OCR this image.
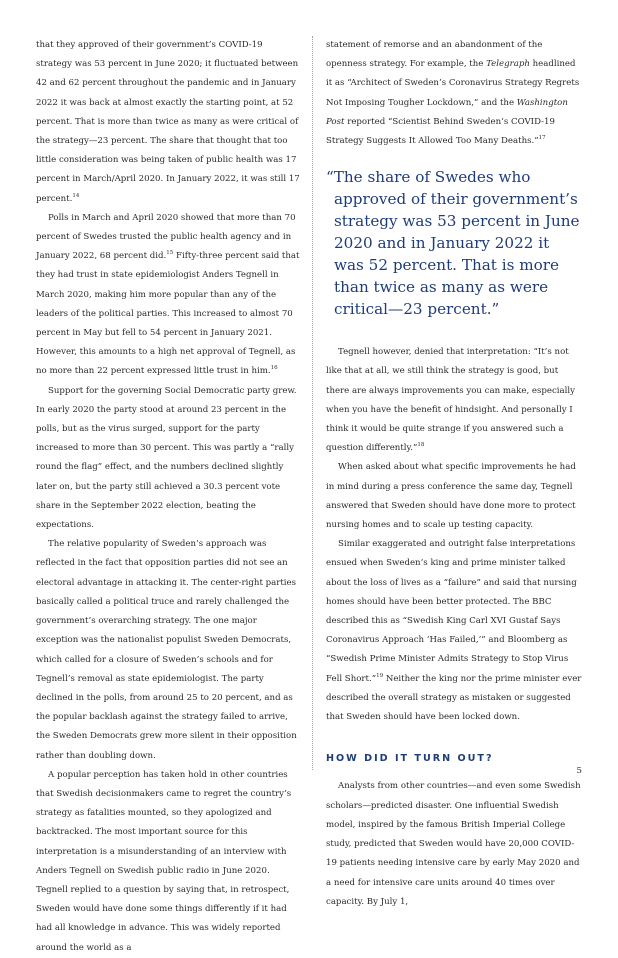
that they approved of their government’s COVID-19 strategy was 53 percent in June 2020; it fluctuated between 42 and 62 percent throughout the pandemic and in January 2022 it was back at almost exactly the starting point, at 52 percent. That is more than twice as many as were critical of the strategy—23 percent. The share that thought that too little consideration was being taken of public health was 17 percent in March/April 2020. In January 2022, it was still 17 percent.$^{14}$

Polls in March and April 2020 showed that more than 70 percent of Swedes trusted the public health agency and in January 2022, 68 percent did.$^{15}$ Fifty-three percent said that they had trust in state epidemiologist Anders Tegnell in March 2020, making him more popular than any of the leaders of the political parties. This increased to almost 70 percent in May but fell to 54 percent in January 2021. However, this amounts to a high net approval of Tegnell, as no more than 22 percent expressed little trust in him.$^{16}$

Support for the governing Social Democratic party grew. In early 2020 the party stood at around 23 percent in the polls, but as the virus surged, support for the party increased to more than 30 percent. This was partly a “rally round the flag” effect, and the numbers declined slightly later on, but the party still achieved a 30.3 percent vote share in the September 2022 election, beating the expectations.

The relative popularity of Sweden’s approach was reflected in the fact that opposition parties did not see an electoral advantage in attacking it. The center-right parties basically called a political truce and rarely challenged the government’s overarching strategy. The one major exception was the nationalist populist Sweden Democrats, which called for a closure of Sweden’s schools and for Tegnell’s removal as state epidemiologist. The party declined in the polls, from around 25 to 20 percent, and as the popular backlash against the strategy failed to arrive, the Sweden Democrats grew more silent in their opposition rather than doubling down.

A popular perception has taken hold in other countries that Swedish decisionmakers came to regret the country’s strategy as fatalities mounted, so they apologized and backtracked. The most important source for this interpretation is a misunderstanding of an interview with Anders Tegnell on Swedish public radio in June 2020. Tegnell replied to a question by saying that, in retrospect, Sweden would have done some things differently if it had had all knowledge in advance. This was widely reported around the world as a

statement of remorse and an abandonment of the openness strategy. For example, the Telegraph headlined it as “Architect of Sweden’s Coronavirus Strategy Regrets Not Imposing Tougher Lockdown,” and the Washington Post reported “Scientist Behind Sweden’s COVID-19 Strategy Suggests It Allowed Too Many Deaths.”$^{17}$

“The share of Swedes who approved of their government’s strategy was 53 percent in June 2020 and in January 2022 it was 52 percent. That is more than twice as many as were critical—23 percent.”

Tegnell however, denied that interpretation: “It’s not like that at all, we still think the strategy is good, but there are always improvements you can make, especially when you have the benefit of hindsight. And personally I think it would be quite strange if you answered such a question differently.”$^{18}$

When asked about what specific improvements he had in mind during a press conference the same day, Tegnell answered that Sweden should have done more to protect nursing homes and to scale up testing capacity.

Similar exaggerated and outright false interpretations ensued when Sweden’s king and prime minister talked about the loss of lives as a “failure” and said that nursing homes should have been better protected. The BBC described this as “Swedish King Carl XVI Gustaf Says Coronavirus Approach ‘Has Failed,’” and Bloomberg as “Swedish Prime Minister Admits Strategy to Stop Virus Fell Short.”$^{19}$ Neither the king nor the prime minister ever described the overall strategy as mistaken or suggested that Sweden should have been locked down.

HOW DID IT TURN OUT?

Analysts from other countries—and even some Swedish scholars—predicted disaster. One influential Swedish model, inspired by the famous British Imperial College study, predicted that Sweden would have 20,000 COVID-19 patients needing intensive care by early May 2020 and a need for intensive care units around 40 times over capacity. By July 1,

5
